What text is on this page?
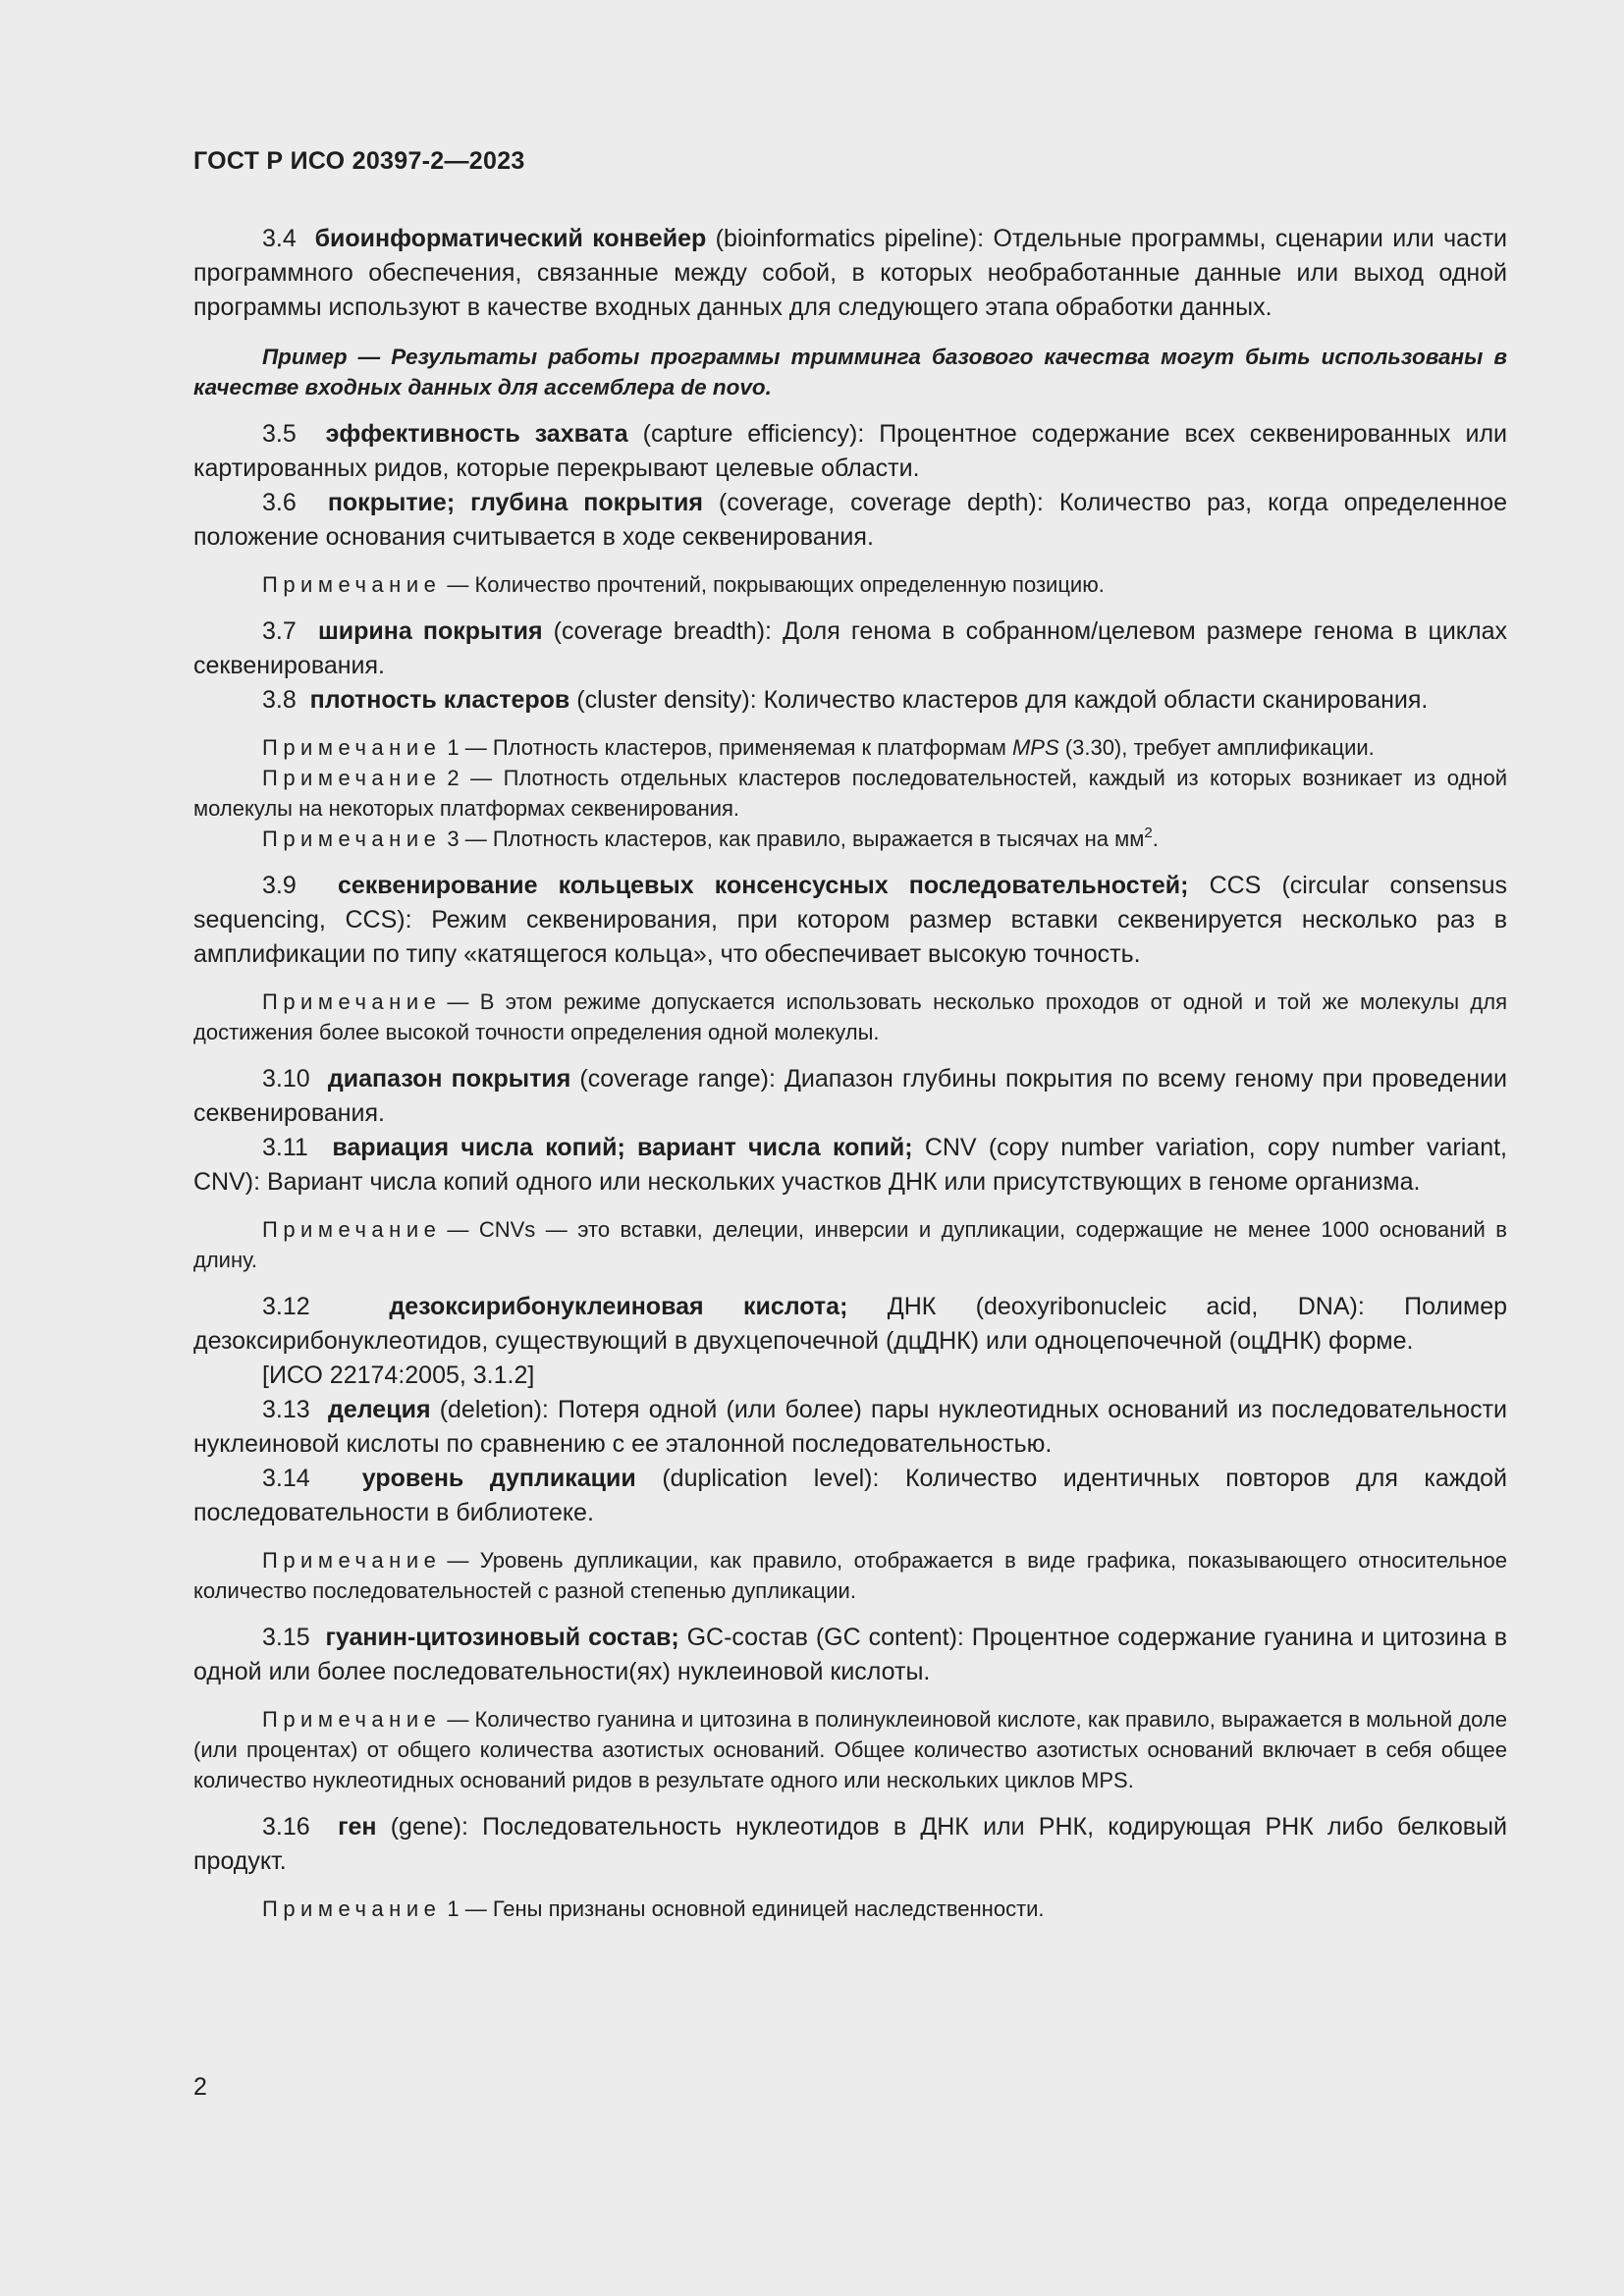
ГОСТ Р ИСО 20397-2—2023

3.4 биоинформатический конвейер (bioinformatics pipeline): Отдельные программы, сценарии или части программного обеспечения, связанные между собой, в которых необработанные данные или выход одной программы используют в качестве входных данных для следующего этапа обработки данных.

Пример — Результаты работы программы тримминга базового качества могут быть использованы в качестве входных данных для ассемблера de novo.

3.5 эффективность захвата (capture efficiency): Процентное содержание всех секвенированных или картированных ридов, которые перекрывают целевые области.

3.6 покрытие; глубина покрытия (coverage, coverage depth): Количество раз, когда определенное положение основания считывается в ходе секвенирования.

Примечание — Количество прочтений, покрывающих определенную позицию.

3.7 ширина покрытия (coverage breadth): Доля генома в собранном/целевом размере генома в циклах секвенирования.

3.8 плотность кластеров (cluster density): Количество кластеров для каждой области сканирования.

Примечание 1 — Плотность кластеров, применяемая к платформам MPS (3.30), требует амплификации.

Примечание 2 — Плотность отдельных кластеров последовательностей, каждый из которых возникает из одной молекулы на некоторых платформах секвенирования.

Примечание 3 — Плотность кластеров, как правило, выражается в тысячах на $мм^2$.

3.9 секвенирование кольцевых консенсусных последовательностей; CCS (circular consensus sequencing, CCS): Режим секвенирования, при котором размер вставки секвенируется несколько раз в амплификации по типу «катящегося кольца», что обеспечивает высокую точность.

Примечание — В этом режиме допускается использовать несколько проходов от одной и той же молекулы для достижения более высокой точности определения одной молекулы.

3.10 диапазон покрытия (coverage range): Диапазон глубины покрытия по всему геному при проведении секвенирования.

3.11 вариация числа копий; вариант числа копий; CNV (copy number variation, copy number variant, CNV): Вариант числа копий одного или нескольких участков ДНК или присутствующих в геноме организма.

Примечание — CNVs — это вставки, делеции, инверсии и дупликации, содержащие не менее 1000 оснований в длину.

3.12	дезоксирибонуклеиновая кислота; ДНК (deoxyribonucleic acid, DNA): Полимер дезоксирибонуклеотидов, существующий в двухцепочечной (дцДНК) или одноцепочечной (оцДНК) форме.

[ИСО 22174:2005, 3.1.2]

3.13 делеция (deletion): Потеря одной (или более) пары нуклеотидных оснований из последовательности нуклеиновой кислоты по сравнению с ее эталонной последовательностью.

3.14 уровень дупликации (duplication level): Количество идентичных повторов для каждой последовательности в библиотеке.

Примечание — Уровень дупликации, как правило, отображается в виде графика, показывающего относительное количество последовательностей с разной степенью дупликации.

3.15 гуанин-цитозиновый состав; GC-состав (GC content): Процентное содержание гуанина и цитозина в одной или более последовательности(ях) нуклеиновой кислоты.

Примечание — Количество гуанина и цитозина в полинуклеиновой кислоте, как правило, выражается в мольной доле (или процентах) от общего количества азотистых оснований. Общее количество азотистых оснований включает в себя общее количество нуклеотидных оснований ридов в результате одного или нескольких циклов MPS.

3.16 ген (gene): Последовательность нуклеотидов в ДНК или РНК, кодирующая РНК либо белковый продукт.

Примечание 1 — Гены признаны основной единицей наследственности.

2
